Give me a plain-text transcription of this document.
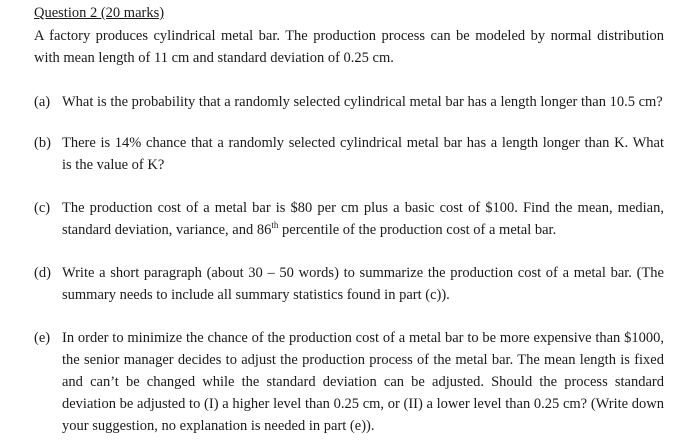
Question 2 (20 marks)
A factory produces cylindrical metal bar. The production process can be modeled by normal distribution
with mean length of 11 cm and standard deviation of 0.25 cm.
(a) What is the probability that a randomly selected cylindrical metal bar has a length longer than 10.5 cm?
(b) There is 14% chance that a randomly selected cylindrical metal bar has a length longer than K. What
is the value of K?
(c) The production cost of a metal bar is $80 per cm plus a basic cost of $100. Find the mean, median,
standard deviation, variance, and 86th percentile of the production cost of a metal bar.
(d) Write a short paragraph (about 30 – 50 words) to summarize the production cost of a metal bar. (The
summary needs to include all summary statistics found in part (c)).
(e) In order to minimize the chance of the production cost of a metal bar to be more expensive than $1000,
the senior manager decides to adjust the production process of the metal bar. The mean length is fixed
and can’t be changed while the standard deviation can be adjusted. Should the process standard
deviation be adjusted to (I) a higher level than 0.25 cm, or (II) a lower level than 0.25 cm? (Write down
your suggestion, no explanation is needed in part (e)).
